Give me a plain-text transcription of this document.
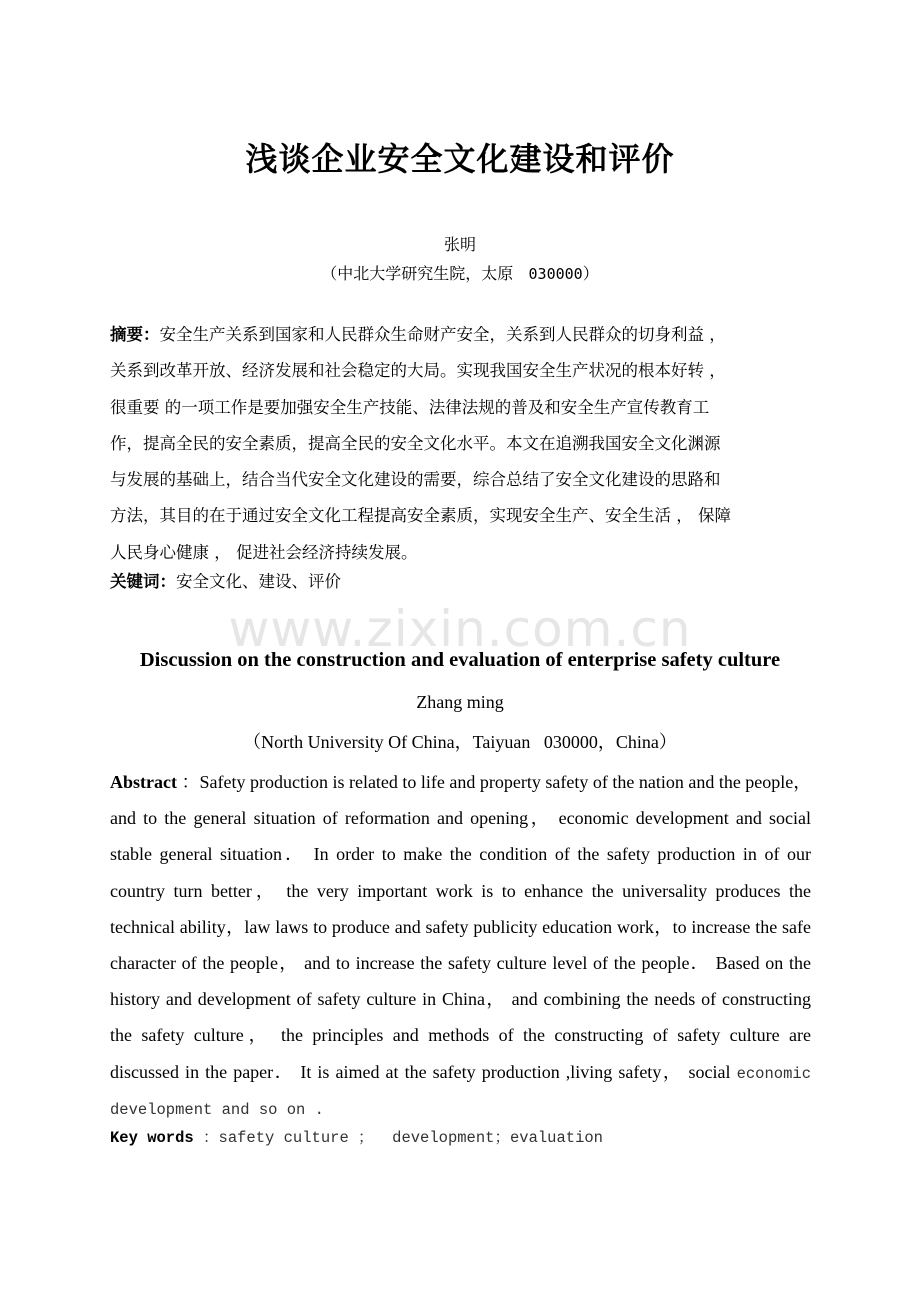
浅谈企业安全文化建设和评价
张明
（中北大学研究生院，太原 030000）
摘要：安全生产关系到国家和人民群众生命财产安全，关系到人民群众的切身利益 ，
关系到改革开放、经济发展和社会稳定的大局。实现我国安全生产状况的根本好转 ，
很重要 的一项工作是要加强安全生产技能、法律法规的普及和安全生产宣传教育工
作，提高全民的安全素质，提高全民的安全文化水平。本文在追溯我国安全文化渊源
与发展的基础上，结合当代安全文化建设的需要，综合总结了安全文化建设的思路和
方法，其目的在于通过安全文化工程提高安全素质，实现安全生产、安全生活 ， 保障
人民身心健康 ， 促进社会经济持续发展。
关键词：安全文化、建设、评价
www.zixin.com.cn
Discussion on the construction and evaluation of enterprise safety culture
Zhang ming
（North University Of China，Taiyuan   030000，China）
Abstract ：Safety production is related to life and property safety of the nation and the people，
and to the general situation of reformation and opening， economic development and social
stable general situation． In order to make the condition of the safety production in of our
country turn better， the very important work is to enhance the universality produces the
technical ability，law laws to produce and safety publicity education work，to increase the safe
character of the people， and to increase the safety culture level of the people． Based on the
history and development of safety culture in China， and combining the needs of constructing
the safety culture， the principles and methods of the constructing of safety culture are
discussed in the paper． It is aimed at the safety production ,living safety， social economic
development and so on .
Key words ：safety culture ；  development；evaluation
